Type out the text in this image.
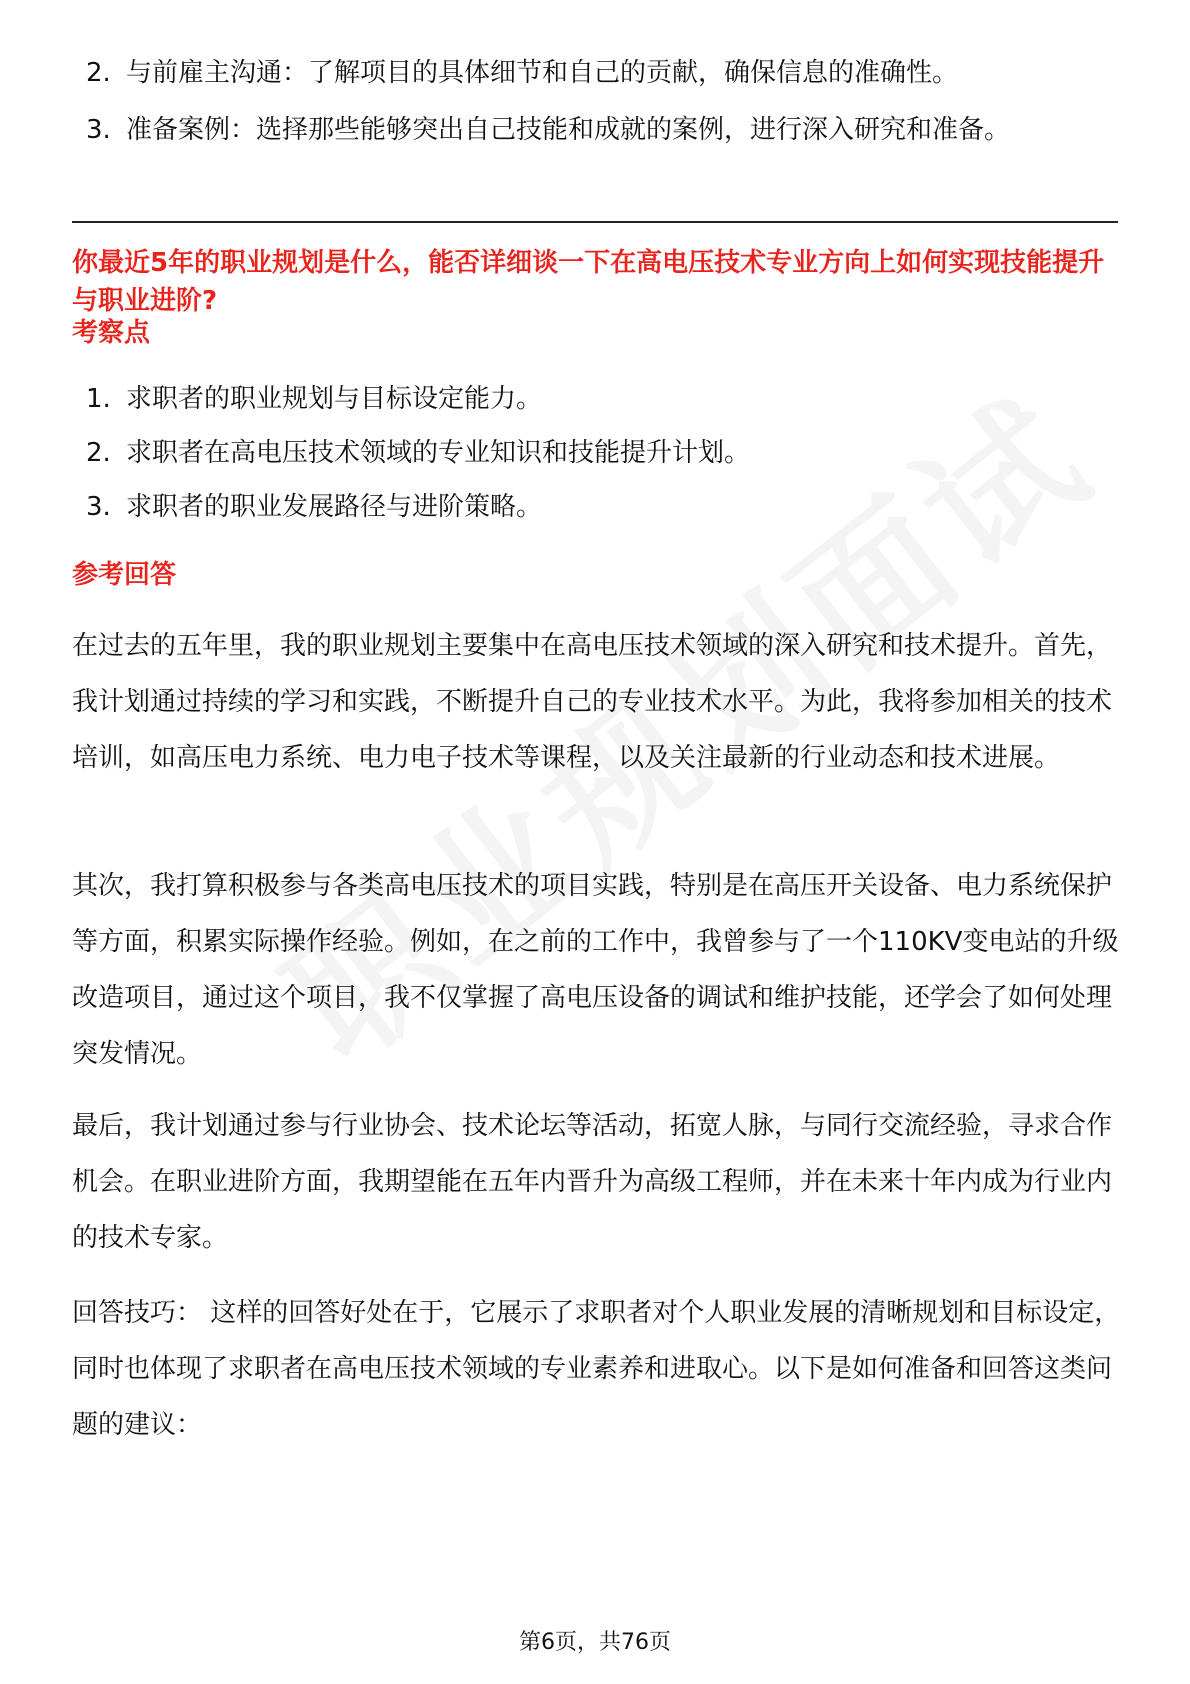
2. 与前雇主沟通：了解项目的具体细节和自己的贡献，确保信息的准确性。
3. 准备案例：选择那些能够突出自己技能和成就的案例，进行深入研究和准备。
你最近5年的职业规划是什么，能否详细谈一下在高电压技术专业方向上如何实现技能提升与职业进阶?
考察点
1. 求职者的职业规划与目标设定能力。
2. 求职者在高电压技术领域的专业知识和技能提升计划。
3. 求职者的职业发展路径与进阶策略。
参考回答

在过去的五年里，我的职业规划主要集中在高电压技术领域的深入研究和技术提升。首先，我计划通过持续的学习和实践，不断提升自己的专业技术水平。为此，我将参加相关的技术培训，如高压电力系统、电力电子技术等课程，以及关注最新的行业动态和技术进展。

其次，我打算积极参与各类高电压技术的项目实践，特别是在高压开关设备、电力系统保护等方面，积累实际操作经验。例如，在之前的工作中，我曾参与了一个110KV变电站的升级改造项目，通过这个项目，我不仅掌握了高电压设备的调试和维护技能，还学会了如何处理突发情况。

最后，我计划通过参与行业协会、技术论坛等活动，拓宽人脉，与同行交流经验，寻求合作机会。在职业进阶方面，我期望能在五年内晋升为高级工程师，并在未来十年内成为行业内的技术专家。

回答技巧： 这样的回答好处在于，它展示了求职者对个人职业发展的清晰规划和目标设定，同时也体现了求职者在高电压技术领域的专业素养和进取心。以下是如何准备和回答这类问题的建议：

第6页，共76页
